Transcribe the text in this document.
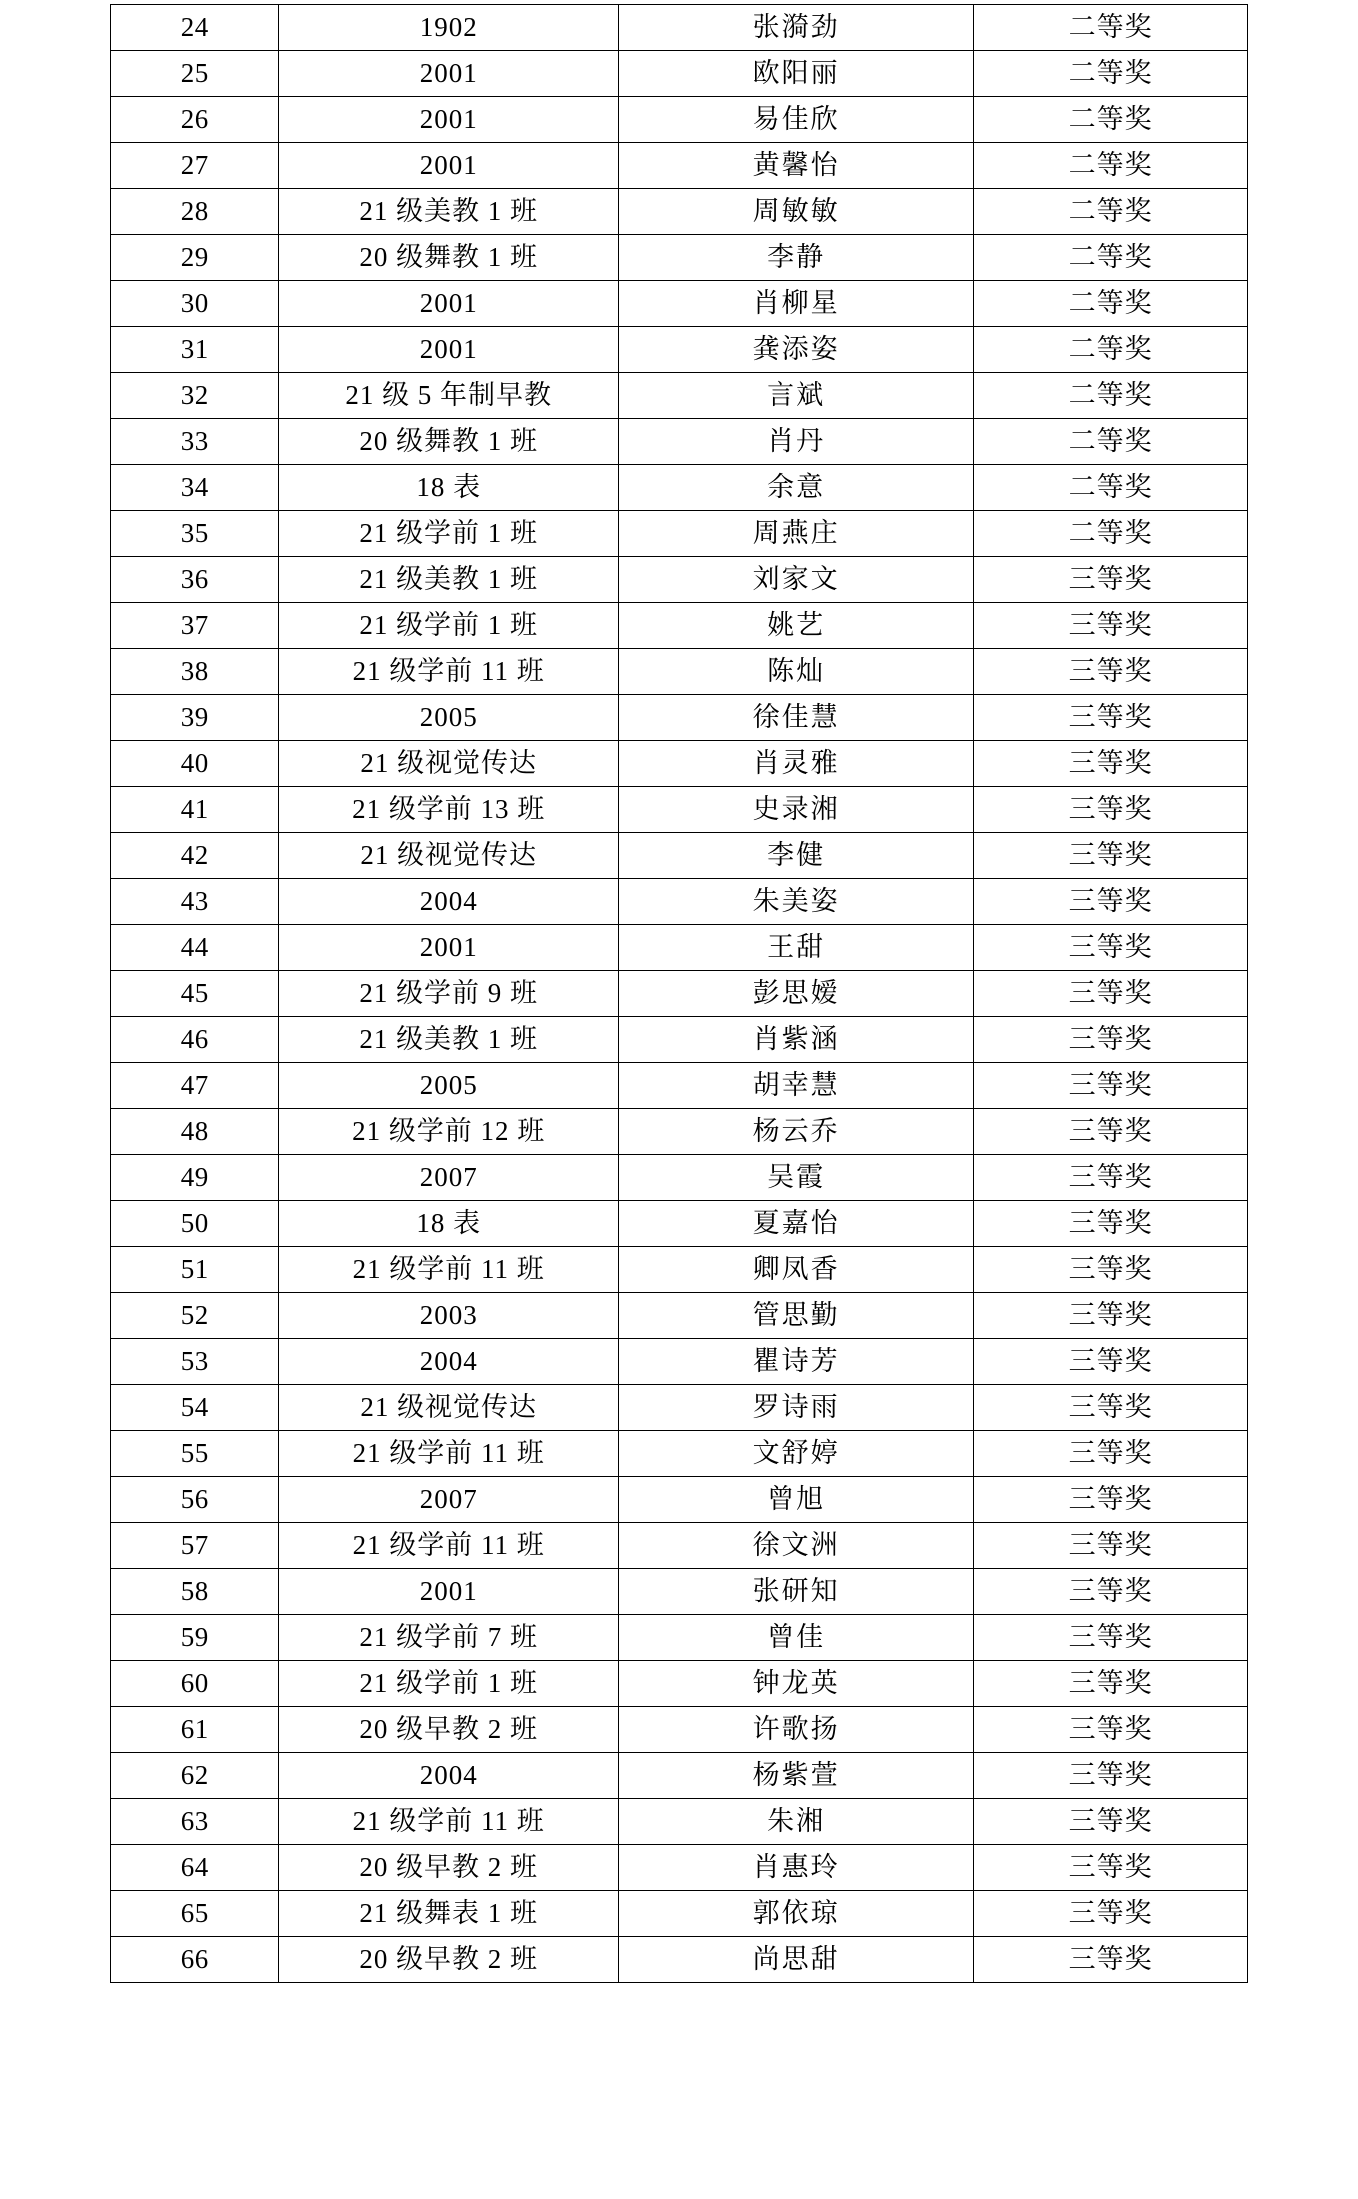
24	1902	张漪劲	二等奖
25	2001	欧阳丽	二等奖
26	2001	易佳欣	二等奖
27	2001	黄馨怡	二等奖
28	21 级美教 1 班	周敏敏	二等奖
29	20 级舞教 1 班	李静	二等奖
30	2001	肖柳星	二等奖
31	2001	龚添姿	二等奖
32	21 级 5 年制早教	言斌	二等奖
33	20 级舞教 1 班	肖丹	二等奖
34	18 表	余意	二等奖
35	21 级学前 1 班	周燕庄	二等奖
36	21 级美教 1 班	刘家文	三等奖
37	21 级学前 1 班	姚艺	三等奖
38	21 级学前 11 班	陈灿	三等奖
39	2005	徐佳慧	三等奖
40	21 级视觉传达	肖灵雅	三等奖
41	21 级学前 13 班	史录湘	三等奖
42	21 级视觉传达	李健	三等奖
43	2004	朱美姿	三等奖
44	2001	王甜	三等奖
45	21 级学前 9 班	彭思嫒	三等奖
46	21 级美教 1 班	肖紫涵	三等奖
47	2005	胡幸慧	三等奖
48	21 级学前 12 班	杨云乔	三等奖
49	2007	吴霞	三等奖
50	18 表	夏嘉怡	三等奖
51	21 级学前 11 班	卿凤香	三等奖
52	2003	管思勤	三等奖
53	2004	瞿诗芳	三等奖
54	21 级视觉传达	罗诗雨	三等奖
55	21 级学前 11 班	文舒婷	三等奖
56	2007	曾旭	三等奖
57	21 级学前 11 班	徐文洲	三等奖
58	2001	张研知	三等奖
59	21 级学前 7 班	曾佳	三等奖
60	21 级学前 1 班	钟龙英	三等奖
61	20 级早教 2 班	许歌扬	三等奖
62	2004	杨紫萱	三等奖
63	21 级学前 11 班	朱湘	三等奖
64	20 级早教 2 班	肖惠玲	三等奖
65	21 级舞表 1 班	郭依琼	三等奖
66	20 级早教 2 班	尚思甜	三等奖
